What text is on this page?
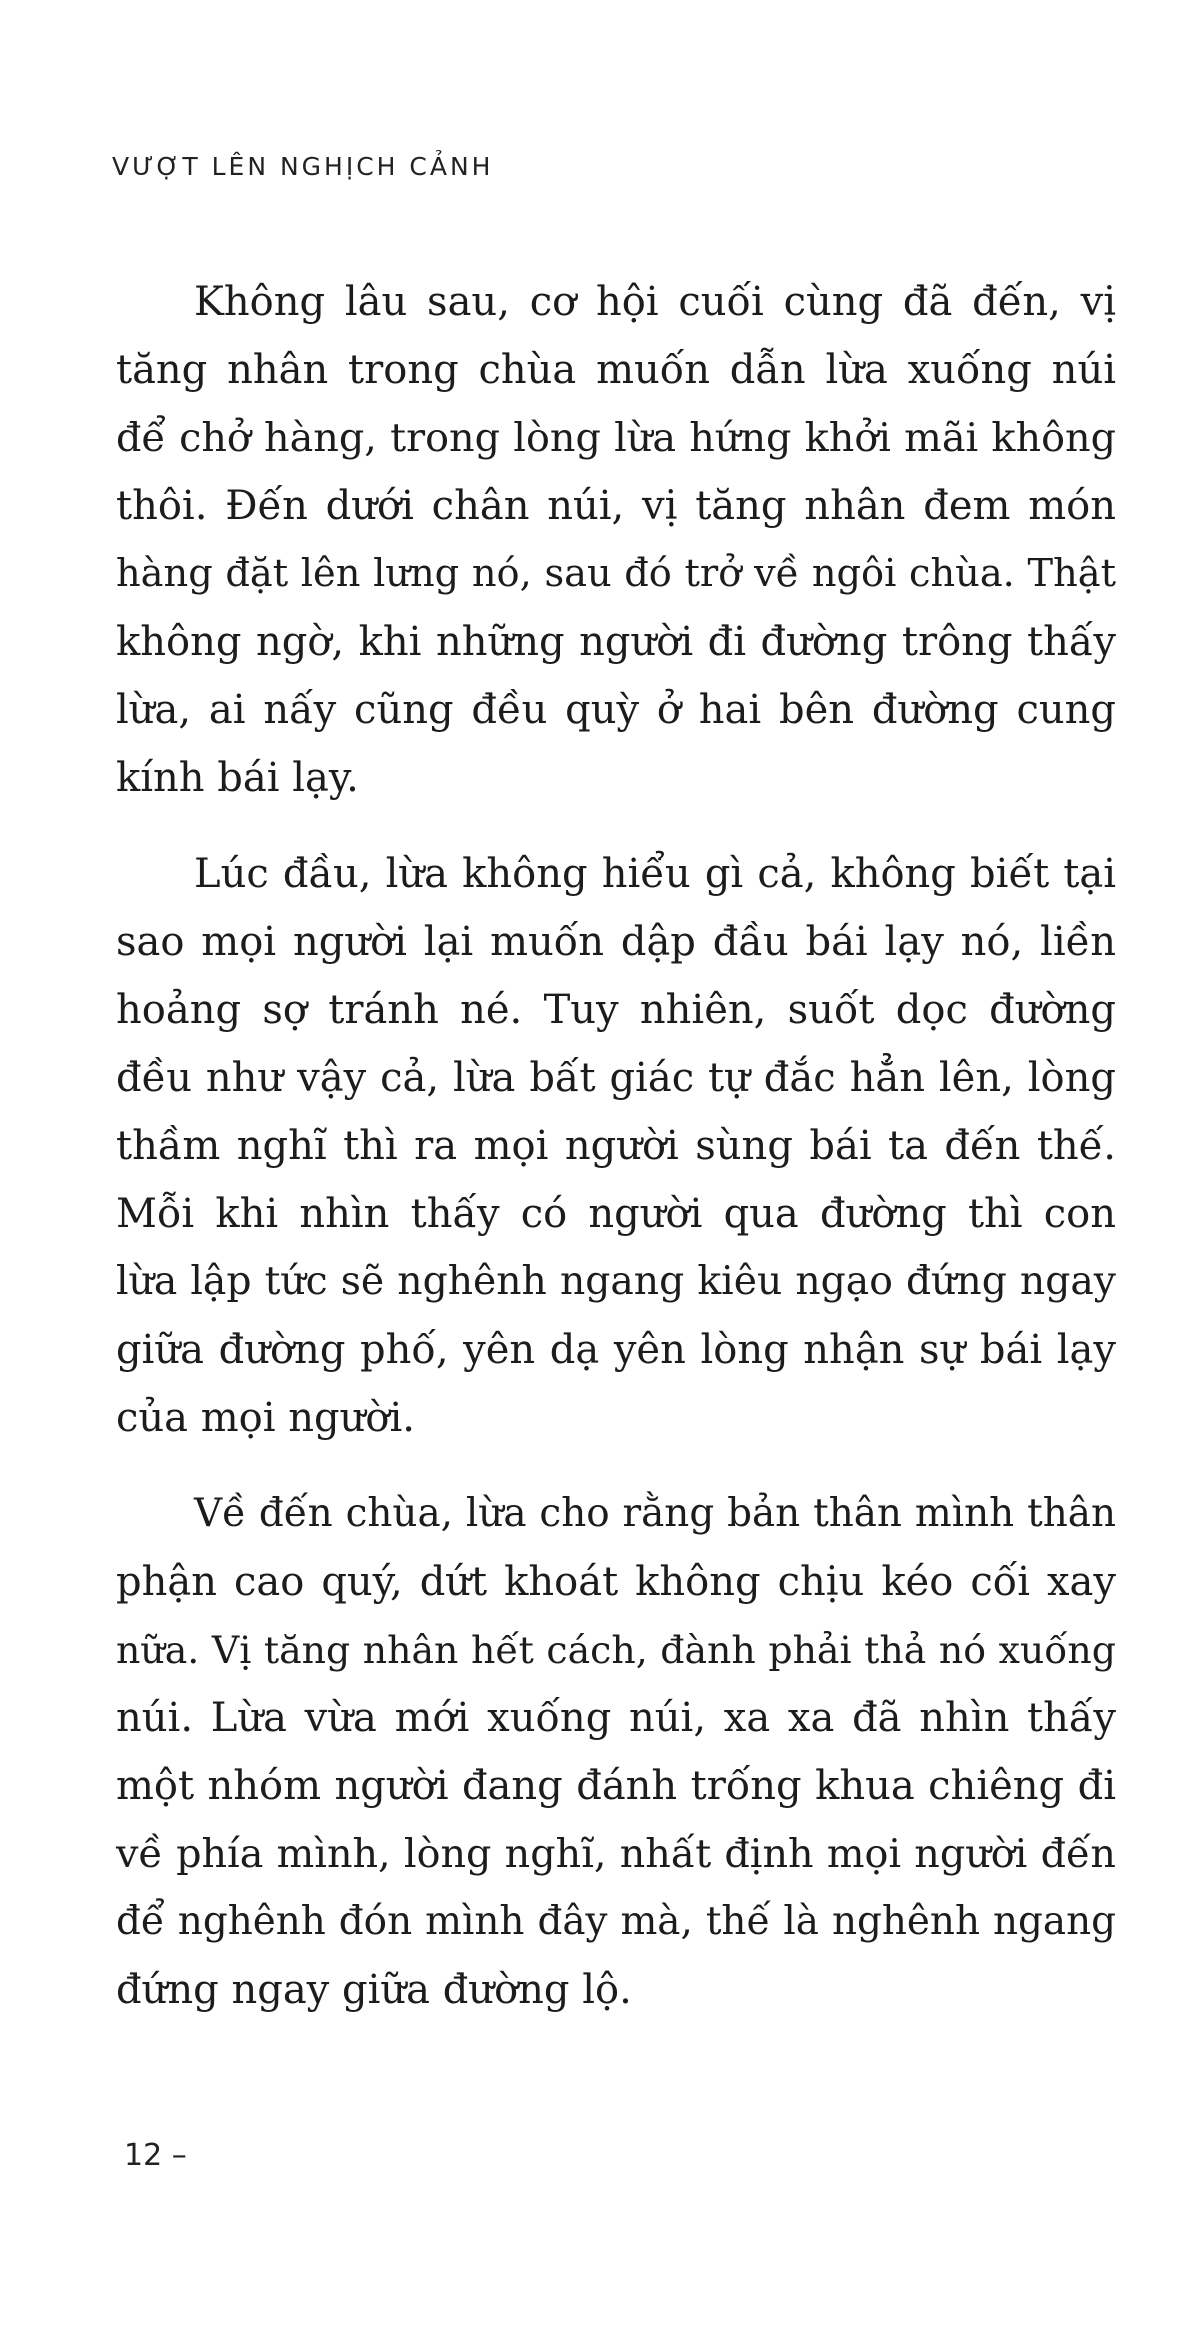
VƯỢT LÊN NGHỊCH CẢNH

Không lâu sau, cơ hội cuối cùng đã đến, vị
tăng nhân trong chùa muốn dẫn lừa xuống núi
để chở hàng, trong lòng lừa hứng khởi mãi không
thôi. Đến dưới chân núi, vị tăng nhân đem món
hàng đặt lên lưng nó, sau đó trở về ngôi chùa. Thật
không ngờ, khi những người đi đường trông thấy
lừa, ai nấy cũng đều quỳ ở hai bên đường cung
kính bái lạy.

Lúc đầu, lừa không hiểu gì cả, không biết tại
sao mọi người lại muốn dập đầu bái lạy nó, liền
hoảng sợ tránh né. Tuy nhiên, suốt dọc đường
đều như vậy cả, lừa bất giác tự đắc hẳn lên, lòng
thầm nghĩ thì ra mọi người sùng bái ta đến thế.
Mỗi khi nhìn thấy có người qua đường thì con
lừa lập tức sẽ nghênh ngang kiêu ngạo đứng ngay
giữa đường phố, yên dạ yên lòng nhận sự bái lạy
của mọi người.

Về đến chùa, lừa cho rằng bản thân mình thân
phận cao quý, dứt khoát không chịu kéo cối xay
nữa. Vị tăng nhân hết cách, đành phải thả nó xuống
núi. Lừa vừa mới xuống núi, xa xa đã nhìn thấy
một nhóm người đang đánh trống khua chiêng đi
về phía mình, lòng nghĩ, nhất định mọi người đến
để nghênh đón mình đây mà, thế là nghênh ngang
đứng ngay giữa đường lộ.

12 –
